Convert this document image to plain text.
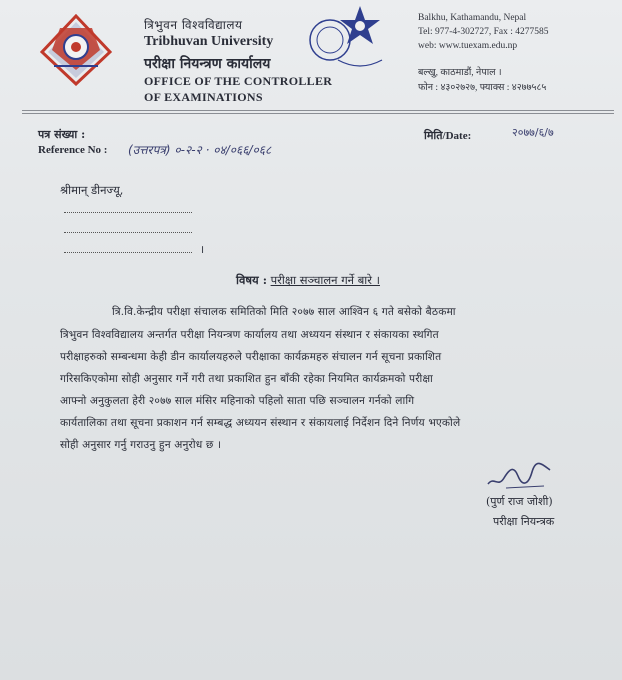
त्रिभुवन विश्वविद्यालय
Tribhuvan University
परीक्षा नियन्त्रण कार्यालय
OFFICE OF THE CONTROLLER
OF EXAMINATIONS
Balkhu, Kathamandu, Nepal
Tel: 977-4-302727, Fax : 4277585
web: www.tuexam.edu.np
बल्खु, काठमाडौं, नेपाल ।
फोन : ४३०२७२७, फ्याक्स : ४२७७५८५
पत्र संख्या :
Reference No : (उत्तरपत्र) ०-२-२ · ०४/०६६/०६८
मिति/Date:	२०७७/६/७
श्रीमान् डीनज्यू,
।
विषय : परीक्षा सञ्चालन गर्ने बारे ।
त्रि.वि.केन्द्रीय परीक्षा संचालक समितिको मिति २०७७ साल आश्विन ६ गते बसेको बैठकमा
त्रिभुवन विश्वविद्यालय अन्तर्गत परीक्षा नियन्त्रण कार्यालय तथा अध्ययन संस्थान र संकायका स्थगित
परीक्षाहरुको सम्बन्धमा केही डीन कार्यालयहरुले परीक्षाका कार्यक्रमहरु संचालन गर्न सूचना प्रकाशित
गरिसकिएकोमा सोही अनुसार गर्ने गरी तथा प्रकाशित हुन बाँकी रहेका नियमित कार्यक्रमको परीक्षा
आफ्नो अनुकुलता हेरी २०७७ साल मंसिर महिनाको पहिलो साता पछि सञ्चालन गर्नको लागि
कार्यतालिका तथा सूचना प्रकाशन गर्न सम्बद्ध अध्ययन संस्थान र संकायलाई निर्देशन दिने निर्णय भएकोले
सोही अनुसार गर्नु गराउनु हुन अनुरोध छ ।
(पुर्ण राज जोशी)
परीक्षा नियन्त्रक
